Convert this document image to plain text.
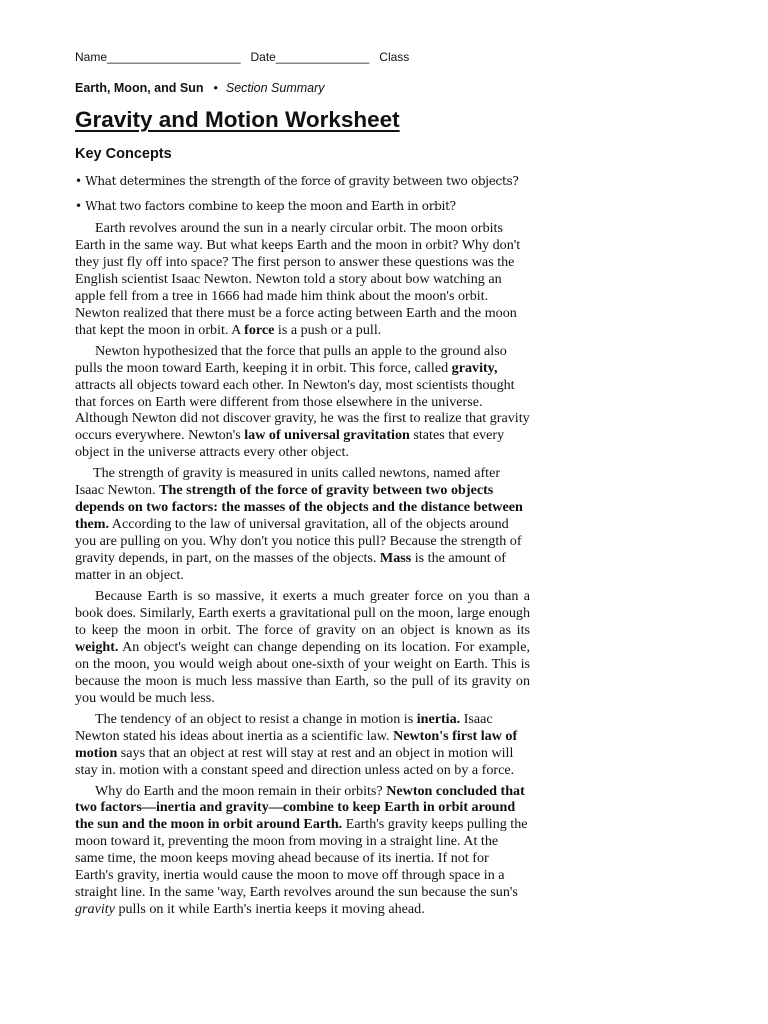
Name____________________   Date______________   Class
Earth, Moon, and Sun • Section Summary
Gravity and Motion Worksheet
Key Concepts
• What determines the strength of the force of gravity between two objects?
• What two factors combine to keep the moon and Earth in orbit?

Earth revolves around the sun in a nearly circular orbit. The moon orbits Earth in the same way. But what keeps Earth and the moon in orbit? Why don't they just fly off into space? The first person to answer these questions was the English scientist Isaac Newton. Newton told a story about bow watching an apple fell from a tree in 1666 had made him think about the moon's orbit. Newton realized that there must be a force acting between Earth and the moon that kept the moon in orbit. A force is a push or a pull.

Newton hypothesized that the force that pulls an apple to the ground also pulls the moon toward Earth, keeping it in orbit. This force, called gravity, attracts all objects toward each other. In Newton's day, most scientists thought that forces on Earth were different from those elsewhere in the universe. Although Newton did not discover gravity, he was the first to realize that gravity occurs everywhere. Newton's law of universal gravitation states that every object in the universe attracts every other object.

The strength of gravity is measured in units called newtons, named after Isaac Newton. The strength of the force of gravity between two objects depends on two factors: the masses of the objects and the distance between them. According to the law of universal gravitation, all of the objects around you are pulling on you. Why don't you notice this pull? Because the strength of gravity depends, in part, on the masses of the objects. Mass is the amount of matter in an object.

Because Earth is so massive, it exerts a much greater force on you than a book does. Similarly, Earth exerts a gravitational pull on the moon, large enough to keep the moon in orbit. The force of gravity on an object is known as its weight. An object's weight can change depending on its location. For example, on the moon, you would weigh about one-sixth of your weight on Earth. This is because the moon is much less massive than Earth, so the pull of its gravity on you would be much less.

The tendency of an object to resist a change in motion is inertia. Isaac Newton stated his ideas about inertia as a scientific law. Newton's first law of motion says that an object at rest will stay at rest and an object in motion will stay in. motion with a constant speed and direction unless acted on by a force.

Why do Earth and the moon remain in their orbits? Newton concluded that two factors—inertia and gravity—combine to keep Earth in orbit around the sun and the moon in orbit around Earth. Earth's gravity keeps pulling the moon toward it, preventing the moon from moving in a straight line. At the same time, the moon keeps moving ahead because of its inertia. If not for Earth's gravity, inertia would cause the moon to move off through space in a straight line. In the same 'way, Earth revolves around the sun because the sun's gravity pulls on it while Earth's inertia keeps it moving ahead.
